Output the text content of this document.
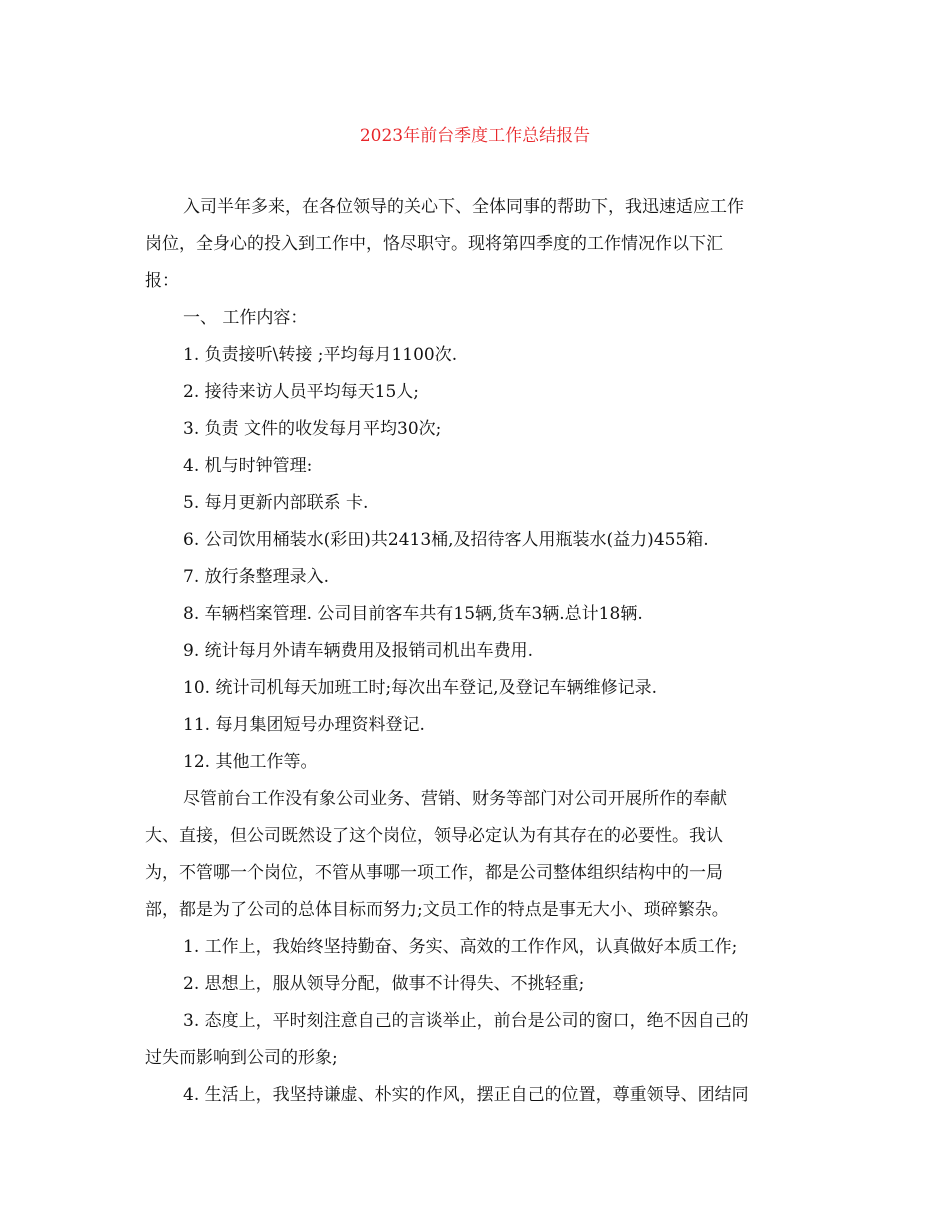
2023年前台季度工作总结报告

入司半年多来，在各位领导的关心下、全体同事的帮助下，我迅速适应工作

岗位，全身心的投入到工作中，恪尽职守。现将第四季度的工作情况作以下汇

报：

一、 工作内容：

1. 负责接听\转接 ;平均每月1100次.

2. 接待来访人员平均每天15人;

3. 负责 文件的收发每月平均30次;

4. 机与时钟管理:

5. 每月更新内部联系 卡.

6. 公司饮用桶装水(彩田)共2413桶,及招待客人用瓶装水(益力)455箱.

7. 放行条整理录入.

8. 车辆档案管理. 公司目前客车共有15辆,货车3辆.总计18辆.

9. 统计每月外请车辆费用及报销司机出车费用.

10. 统计司机每天加班工时;每次出车登记,及登记车辆维修记录.

11. 每月集团短号办理资料登记.

12. 其他工作等。

尽管前台工作没有象公司业务、营销、财务等部门对公司开展所作的奉献

大、直接，但公司既然设了这个岗位，领导必定认为有其存在的必要性。我认

为，不管哪一个岗位，不管从事哪一项工作，都是公司整体组织结构中的一局

部，都是为了公司的总体目标而努力;文员工作的特点是事无大小、琐碎繁杂。

1. 工作上，我始终坚持勤奋、务实、高效的工作作风，认真做好本质工作;

2. 思想上，服从领导分配，做事不计得失、不挑轻重;

3. 态度上，平时刻注意自己的言谈举止，前台是公司的窗口，绝不因自己的

过失而影响到公司的形象;

4. 生活上，我坚持谦虚、朴实的作风，摆正自己的位置，尊重领导、团结同
